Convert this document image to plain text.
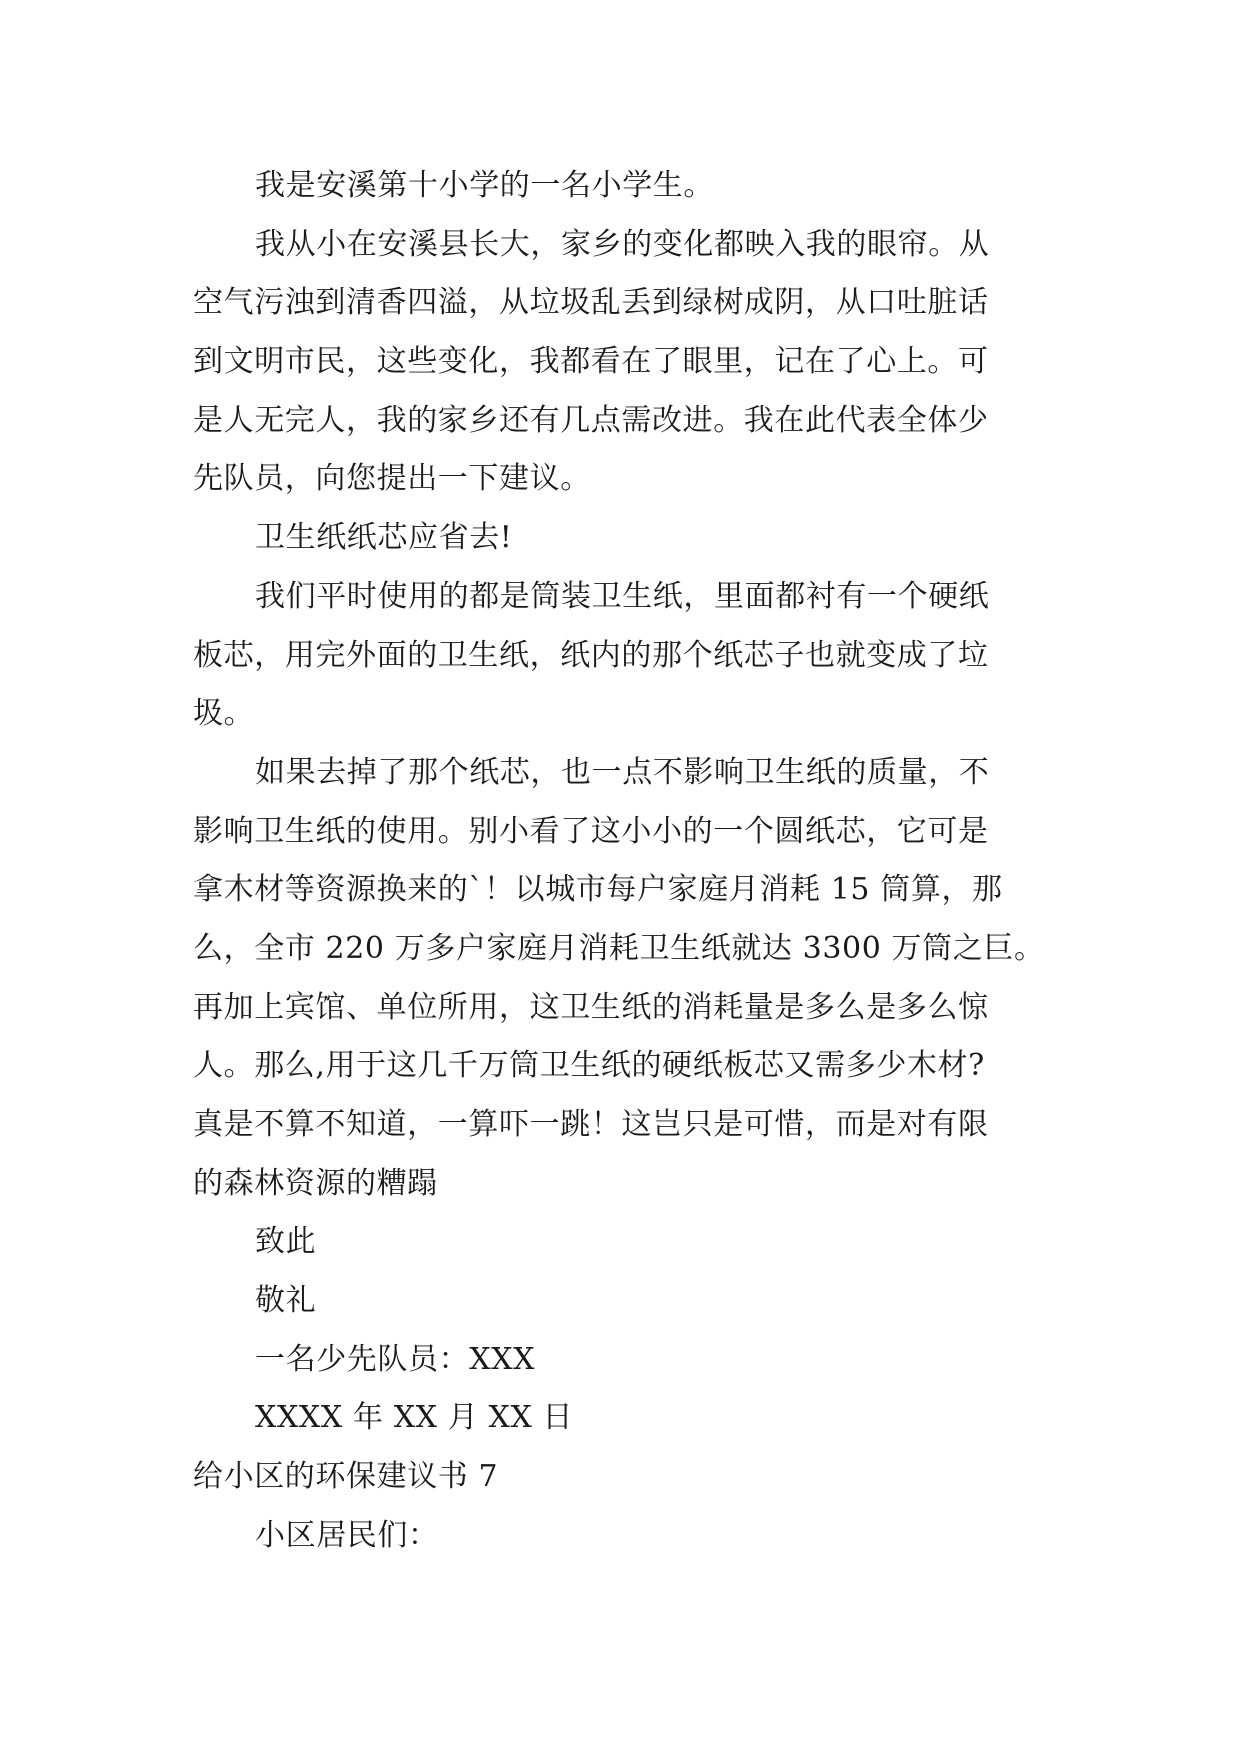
我是安溪第十小学的一名小学生。
我从小在安溪县长大，家乡的变化都映入我的眼帘。从
空气污浊到清香四溢，从垃圾乱丢到绿树成阴，从口吐脏话
到文明市民，这些变化，我都看在了眼里，记在了心上。可
是人无完人，我的家乡还有几点需改进。我在此代表全体少
先队员，向您提出一下建议。
卫生纸纸芯应省去!
我们平时使用的都是筒装卫生纸，里面都衬有一个硬纸
板芯，用完外面的卫生纸，纸内的那个纸芯子也就变成了垃
圾。
如果去掉了那个纸芯，也一点不影响卫生纸的质量，不
影响卫生纸的使用。别小看了这小小的一个圆纸芯，它可是
拿木材等资源换来的`！以城市每户家庭月消耗 15 筒算，那
么，全市 220 万多户家庭月消耗卫生纸就达 3300 万筒之巨。
再加上宾馆、单位所用，这卫生纸的消耗量是多么是多么惊
人。那么,用于这几千万筒卫生纸的硬纸板芯又需多少木材?
真是不算不知道，一算吓一跳！这岂只是可惜，而是对有限
的森林资源的糟蹋
致此
敬礼
一名少先队员：XXX
XXXX 年 XX 月 XX 日
给小区的环保建议书 7
小区居民们：
